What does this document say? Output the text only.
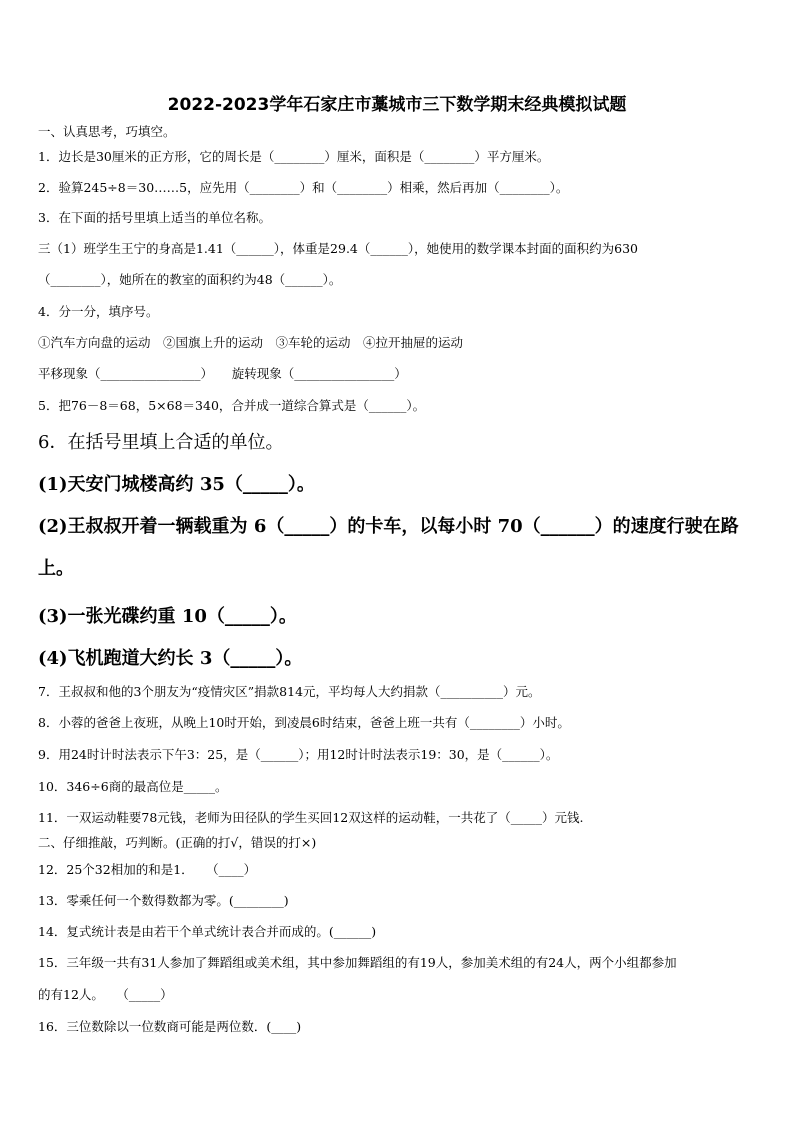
2022-2023学年石家庄市藁城市三下数学期末经典模拟试题
一、认真思考，巧填空。
1．边长是30厘米的正方形，它的周长是（________）厘米，面积是（________）平方厘米。
2．验算245÷8＝30……5，应先用（________）和（________）相乘，然后再加（________）。
3．在下面的括号里填上适当的单位名称。
三（1）班学生王宁的身高是1.41（______），体重是29.4（______），她使用的数学课本封面的面积约为630
（________），她所在的教室的面积约为48（______）。
4．分一分，填序号。
①汽车方向盘的运动　②国旗上升的运动　③车轮的运动　④拉开抽屉的运动
平移现象（________________）　　旋转现象（________________）
5．把76－8＝68，5×68＝340，合并成一道综合算式是（______）。
6．在括号里填上合适的单位。
(1)天安门城楼高约 35（_____）。
(2)王叔叔开着一辆载重为 6（_____）的卡车，以每小时 70（______）的速度行驶在路
上。
(3)一张光碟约重 10（_____）。
(4)飞机跑道大约长 3（_____）。
7．王叔叔和他的3个朋友为“疫情灾区”捐款814元，平均每人大约捐款（__________）元。
8．小蓉的爸爸上夜班，从晚上10时开始，到凌晨6时结束，爸爸上班一共有（________）小时。
9．用24时计时法表示下午3：25，是（______）；用12时计时法表示19：30，是（______）。
10．346÷6商的最高位是_____。
11．一双运动鞋要78元钱，老师为田径队的学生买回12双这样的运动鞋，一共花了（_____）元钱.
二、仔细推敲，巧判断。(正确的打√，错误的打×)
12．25个32相加的和是1．　　（____）
13．零乘任何一个数得数都为零。(________)
14．复式统计表是由若干个单式统计表合并而成的。(______)
15．三年级一共有31人参加了舞蹈组或美术组，其中参加舞蹈组的有19人，参加美术组的有24人，两个小组都参加
的有12人。　　（_____）
16．三位数除以一位数商可能是两位数．(____)
